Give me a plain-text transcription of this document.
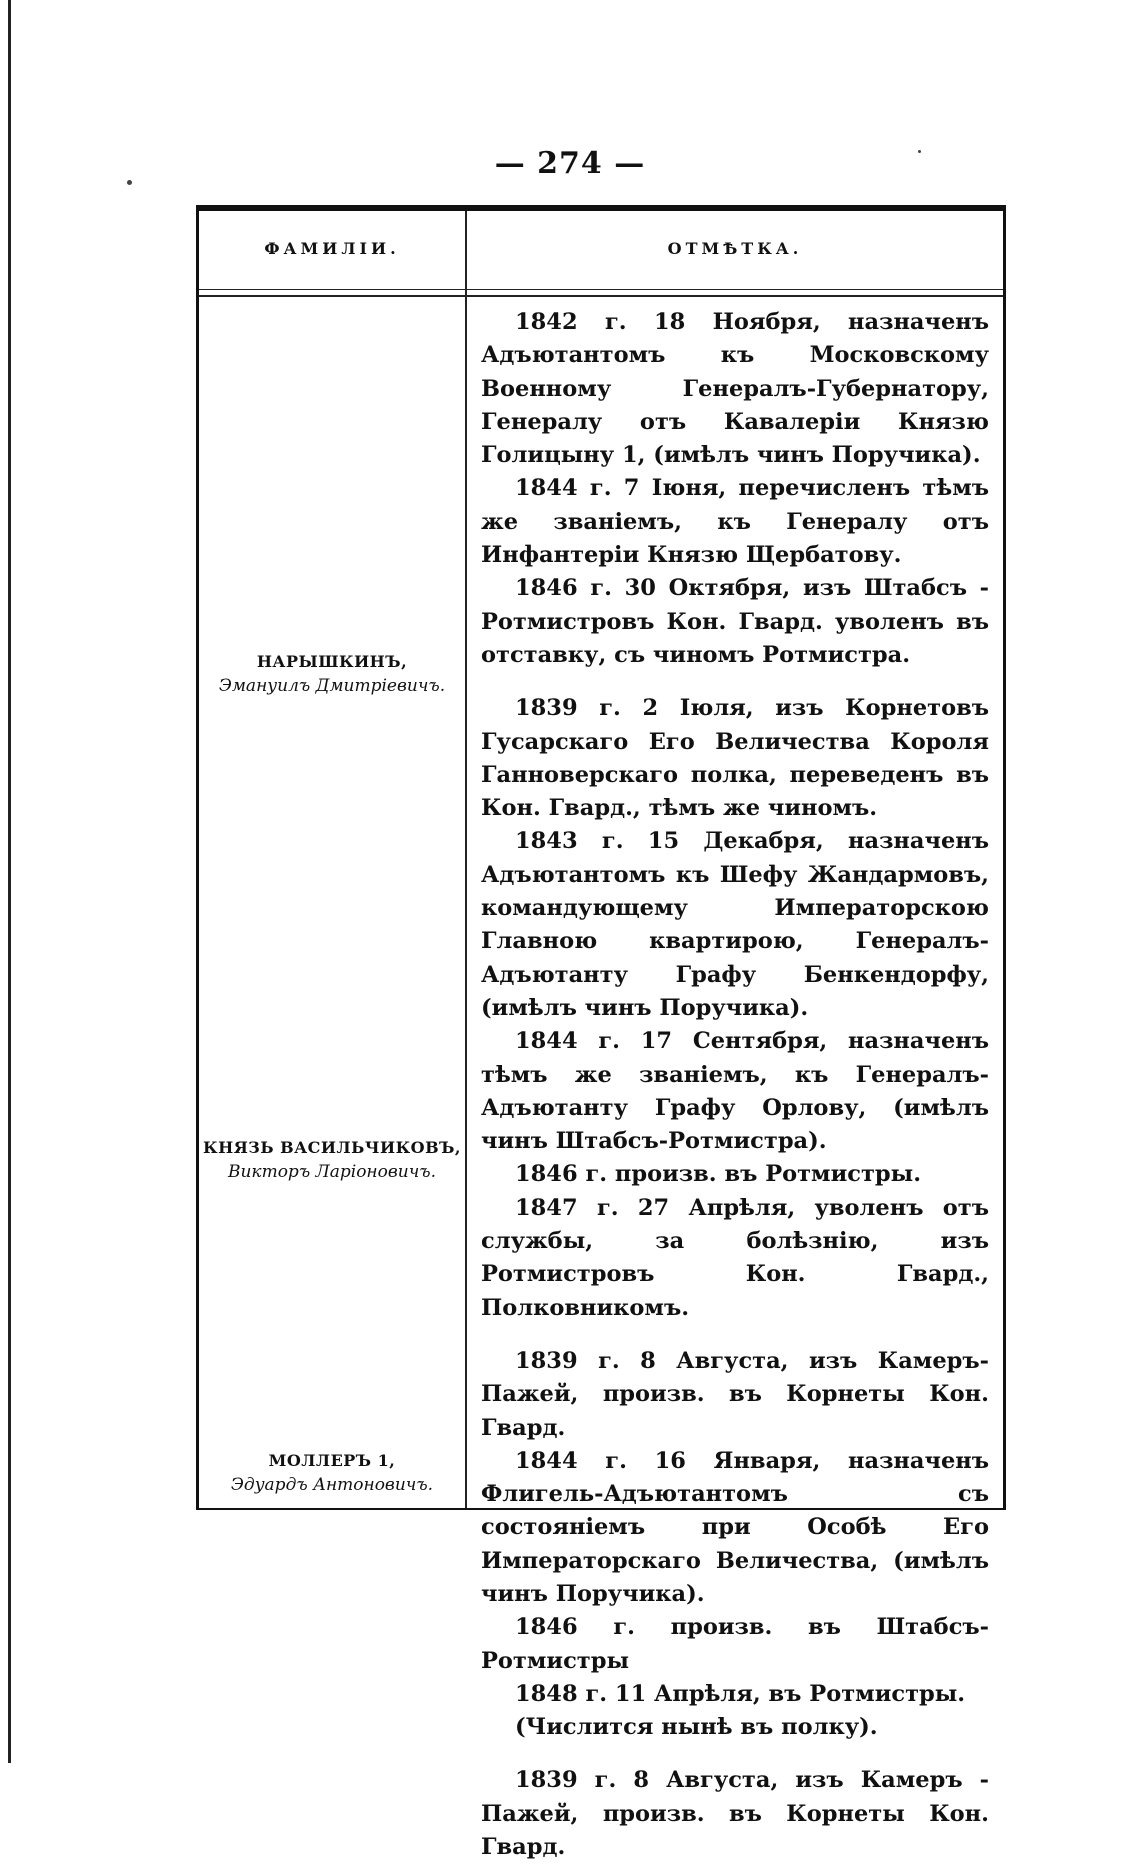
— 274 —
ФАМИЛІИ.	ОТМѢТКА.
НАРЫШКИНЪ,
Эмануилъ Дмитріевичъ.
КНЯЗЬ ВАСИЛЬЧИКОВЪ,
Викторъ Ларіоновичъ.
МОЛЛЕРЪ 1,
Эдуардъ Антоновичъ.

1842 г. 18 Ноября, назначенъ Адъютантомъ къ Московскому Военному Генералъ-Губернатору, Генералу отъ Кавалеріи Князю Голицыну 1, (имѣлъ чинъ Поручика).

1844 г. 7 Іюня, перечисленъ тѣмъ же званіемъ, къ Генералу отъ Инфантеріи Князю Щербатову.

1846 г. 30 Октября, изъ Штабсъ - Ротмистровъ Кон. Гвард. уволенъ въ отставку, съ чиномъ Ротмистра.

1839 г. 2 Іюля, изъ Корнетовъ Гусарскаго Его Величества Короля Ганноверскаго полка, переведенъ въ Кон. Гвард., тѣмъ же чиномъ.

1843 г. 15 Декабря, назначенъ Адъютантомъ къ Шефу Жандармовъ, командующему Императорскою Главною квартирою, Генералъ-Адъютанту Графу Бенкендорфу, (имѣлъ чинъ Поручика).

1844 г. 17 Сентября, назначенъ тѣмъ же званіемъ, къ Генералъ-Адъютанту Графу Орлову, (имѣлъ чинъ Штабсъ-Ротмистра).

1846 г. произв. въ Ротмистры.

1847 г. 27 Апрѣля, уволенъ отъ службы, за болѣзнію, изъ Ротмистровъ Кон. Гвард., Полковникомъ.

1839 г. 8 Августа, изъ Камеръ-Пажей, произв. въ Корнеты Кон. Гвард.

1844 г. 16 Января, назначенъ Флигель-Адъютантомъ съ состояніемъ при Особѣ Его Императорскаго Величества, (имѣлъ чинъ Поручика).

1846 г. произв. въ Штабсъ-Ротмистры

1848 г. 11 Апрѣля, въ Ротмистры.

(Числится нынѣ въ полку).

1839 г. 8 Августа, изъ Камеръ - Пажей, произв. въ Корнеты Кон. Гвард.
